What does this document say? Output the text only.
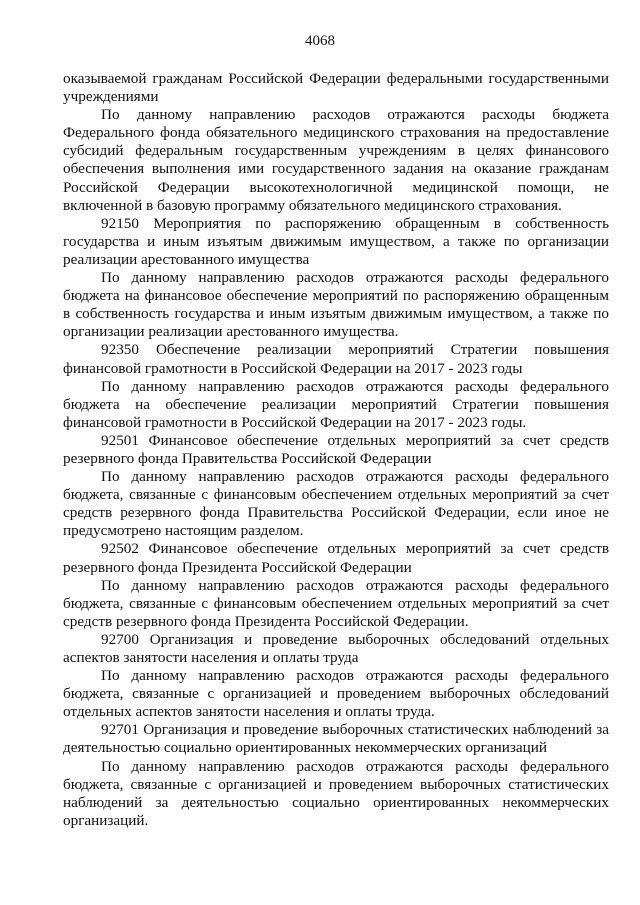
4068

оказываемой гражданам Российской Федерации федеральными государственными учреждениями

По данному направлению расходов отражаются расходы бюджета Федерального фонда обязательного медицинского страхования на предоставление субсидий федеральным государственным учреждениям в целях финансового обеспечения выполнения ими государственного задания на оказание гражданам Российской Федерации высокотехнологичной медицинской помощи, не включенной в базовую программу обязательного медицинского страхования.

92150 Мероприятия по распоряжению обращенным в собственность государства и иным изъятым движимым имуществом, а также по организации реализации арестованного имущества

По данному направлению расходов отражаются расходы федерального бюджета на финансовое обеспечение мероприятий по распоряжению обращенным в собственность государства и иным изъятым движимым имуществом, а также по организации реализации арестованного имущества.

92350 Обеспечение реализации мероприятий Стратегии повышения финансовой грамотности в Российской Федерации на 2017 - 2023 годы

По данному направлению расходов отражаются расходы федерального бюджета на обеспечение реализации мероприятий Стратегии повышения финансовой грамотности в Российской Федерации на 2017 - 2023 годы.

92501 Финансовое обеспечение отдельных мероприятий за счет средств резервного фонда Правительства Российской Федерации

По данному направлению расходов отражаются расходы федерального бюджета, связанные с финансовым обеспечением отдельных мероприятий за счет средств резервного фонда Правительства Российской Федерации, если иное не предусмотрено настоящим разделом.

92502 Финансовое обеспечение отдельных мероприятий за счет средств резервного фонда Президента Российской Федерации

По данному направлению расходов отражаются расходы федерального бюджета, связанные с финансовым обеспечением отдельных мероприятий за счет средств резервного фонда Президента Российской Федерации.

92700 Организация и проведение выборочных обследований отдельных аспектов занятости населения и оплаты труда

По данному направлению расходов отражаются расходы федерального бюджета, связанные с организацией и проведением выборочных обследований отдельных аспектов занятости населения и оплаты труда.

92701 Организация и проведение выборочных статистических наблюдений за деятельностью социально ориентированных некоммерческих организаций

По данному направлению расходов отражаются расходы федерального бюджета, связанные с организацией и проведением выборочных статистических наблюдений за деятельностью социально ориентированных некоммерческих организаций.
